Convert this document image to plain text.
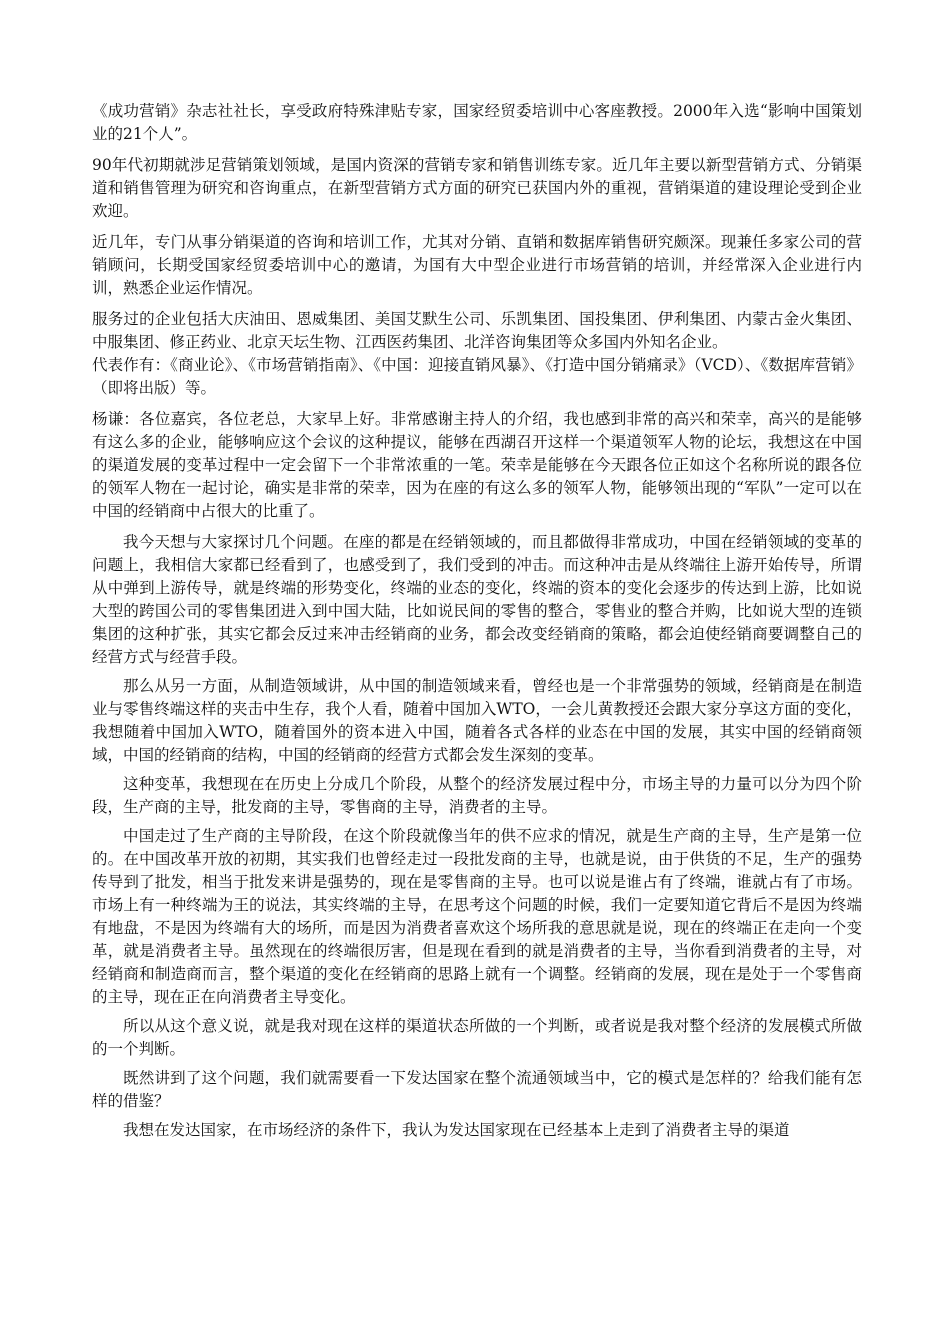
《成功营销》杂志社社长，享受政府特殊津贴专家，国家经贸委培训中心客座教授。2000年入选“影响中国策划业的21个人”。

90年代初期就涉足营销策划领域，是国内资深的营销专家和销售训练专家。近几年主要以新型营销方式、分销渠道和销售管理为研究和咨询重点，在新型营销方式方面的研究已获国内外的重视，营销渠道的建设理论受到企业欢迎。

近几年，专门从事分销渠道的咨询和培训工作，尤其对分销、直销和数据库销售研究颇深。现兼任多家公司的营销顾问，长期受国家经贸委培训中心的邀请，为国有大中型企业进行市场营销的培训，并经常深入企业进行内训，熟悉企业运作情况。

服务过的企业包括大庆油田、恩威集团、美国艾默生公司、乐凯集团、国投集团、伊利集团、内蒙古金火集团、中服集团、修正药业、北京天坛生物、江西医药集团、北洋咨询集团等众多国内外知名企业。

代表作有：《商业论》、《市场营销指南》、《中国：迎接直销风暴》、《打造中国分销痛录》（VCD）、《数据库营销》（即将出版）等。

杨谦：各位嘉宾，各位老总，大家早上好。非常感谢主持人的介绍，我也感到非常的高兴和荣幸，高兴的是能够有这么多的企业，能够响应这个会议的这种提议，能够在西湖召开这样一个渠道领军人物的论坛，我想这在中国的渠道发展的变革过程中一定会留下一个非常浓重的一笔。荣幸是能够在今天跟各位正如这个名称所说的跟各位的领军人物在一起讨论，确实是非常的荣幸，因为在座的有这么多的领军人物，能够领出现的“军队”一定可以在中国的经销商中占很大的比重了。

我今天想与大家探讨几个问题。在座的都是在经销领域的，而且都做得非常成功，中国在经销领域的变革的问题上，我相信大家都已经看到了，也感受到了，我们受到的冲击。而这种冲击是从终端往上游开始传导，所谓从中弹到上游传导，就是终端的形势变化，终端的业态的变化，终端的资本的变化会逐步的传达到上游，比如说大型的跨国公司的零售集团进入到中国大陆，比如说民间的零售的整合，零售业的整合并购，比如说大型的连锁集团的这种扩张，其实它都会反过来冲击经销商的业务，都会改变经销商的策略，都会迫使经销商要调整自己的经营方式与经营手段。

那么从另一方面，从制造领域讲，从中国的制造领域来看，曾经也是一个非常强势的领域，经销商是在制造业与零售终端这样的夹击中生存，我个人看，随着中国加入WTO，一会儿黄教授还会跟大家分享这方面的变化，我想随着中国加入WTO，随着国外的资本进入中国，随着各式各样的业态在中国的发展，其实中国的经销商领域，中国的经销商的结构，中国的经销商的经营方式都会发生深刻的变革。

这种变革，我想现在在历史上分成几个阶段，从整个的经济发展过程中分，市场主导的力量可以分为四个阶段，生产商的主导，批发商的主导，零售商的主导，消费者的主导。

中国走过了生产商的主导阶段，在这个阶段就像当年的供不应求的情况，就是生产商的主导，生产是第一位的。在中国改革开放的初期，其实我们也曾经走过一段批发商的主导，也就是说，由于供货的不足，生产的强势传导到了批发，相当于批发来讲是强势的，现在是零售商的主导。也可以说是谁占有了终端，谁就占有了市场。市场上有一种终端为王的说法，其实终端的主导，在思考这个问题的时候，我们一定要知道它背后不是因为终端有地盘，不是因为终端有大的场所，而是因为消费者喜欢这个场所我的意思就是说，现在的终端正在走向一个变革，就是消费者主导。虽然现在的终端很厉害，但是现在看到的就是消费者的主导，当你看到消费者的主导，对经销商和制造商而言，整个渠道的变化在经销商的思路上就有一个调整。经销商的发展，现在是处于一个零售商的主导，现在正在向消费者主导变化。

所以从这个意义说，就是我对现在这样的渠道状态所做的一个判断，或者说是我对整个经济的发展模式所做的一个判断。

既然讲到了这个问题，我们就需要看一下发达国家在整个流通领域当中，它的模式是怎样的？给我们能有怎样的借鉴？

我想在发达国家，在市场经济的条件下，我认为发达国家现在已经基本上走到了消费者主导的渠道
